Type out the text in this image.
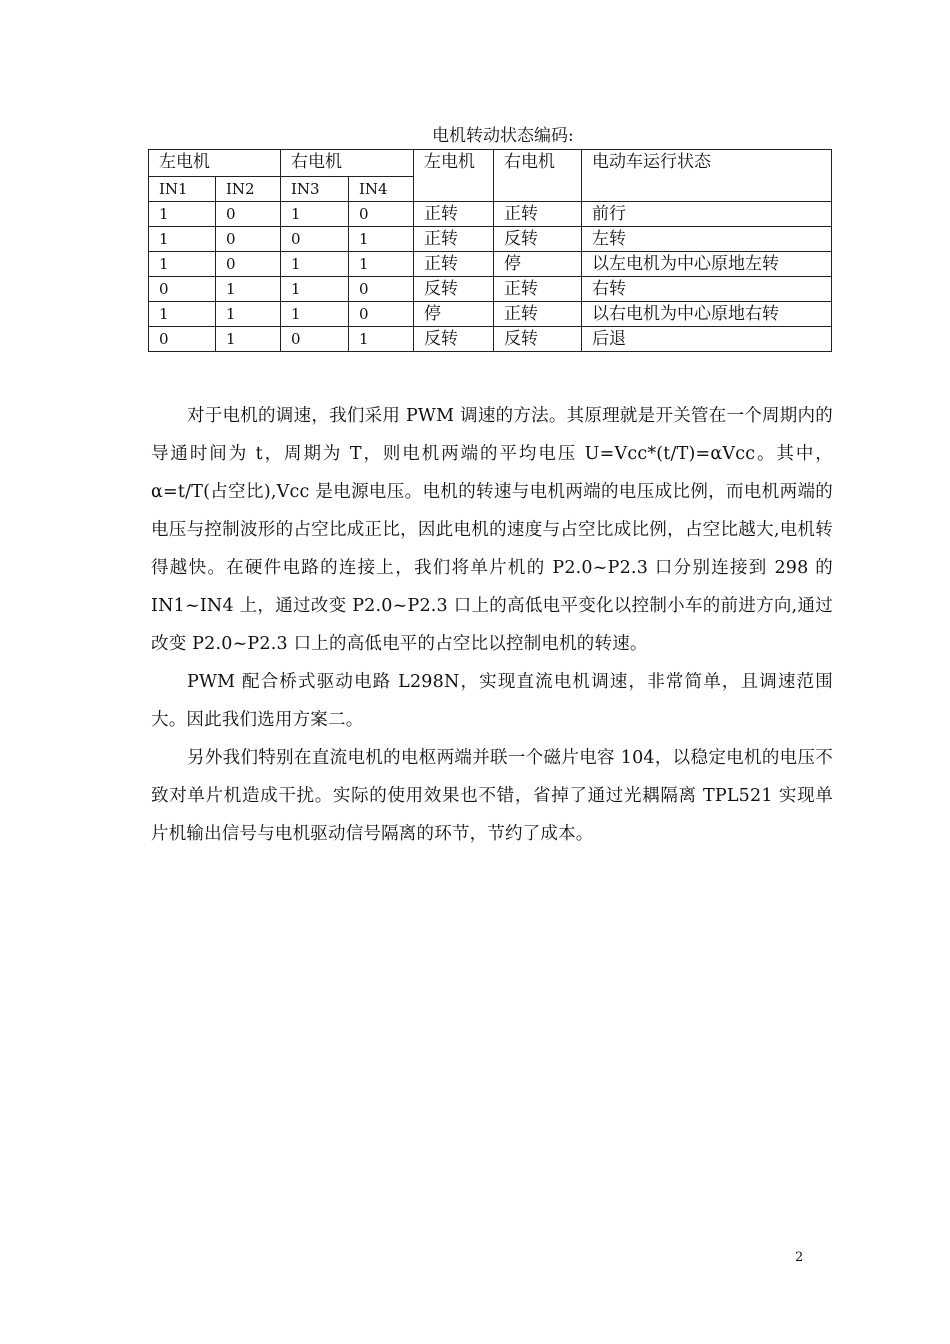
电机转动状态编码:
左电机		右电机		左电机	右电机	电动车运行状态
IN1	IN2	IN3	IN4			
1	0	1	0	正转	正转	前行
1	0	0	1	正转	反转	左转
1	0	1	1	正转	停	以左电机为中心原地左转
0	1	1	0	反转	正转	右转
1	1	1	0	停	正转	以右电机为中心原地右转
0	1	0	1	反转	反转	后退

对于电机的调速，我们采用 PWM 调速的方法。其原理就是开关管在一个周期内的导通时间为 t，周期为 T，则电机两端的平均电压 U=Vcc*(t/T)=αVcc。其中，α=t/T(占空比),Vcc 是电源电压。电机的转速与电机两端的电压成比例，而电机两端的电压与控制波形的占空比成正比，因此电机的速度与占空比成比例，占空比越大,电机转得越快。在硬件电路的连接上，我们将单片机的 P2.0~P2.3 口分别连接到 298 的 IN1~IN4 上，通过改变 P2.0~P2.3 口上的高低电平变化以控制小车的前进方向,通过改变 P2.0~P2.3 口上的高低电平的占空比以控制电机的转速。

PWM 配合桥式驱动电路 L298N，实现直流电机调速，非常简单，且调速范围大。因此我们选用方案二。

另外我们特别在直流电机的电枢两端并联一个磁片电容 104，以稳定电机的电压不致对单片机造成干扰。实际的使用效果也不错，省掉了通过光耦隔离 TPL521 实现单片机输出信号与电机驱动信号隔离的环节，节约了成本。

2
